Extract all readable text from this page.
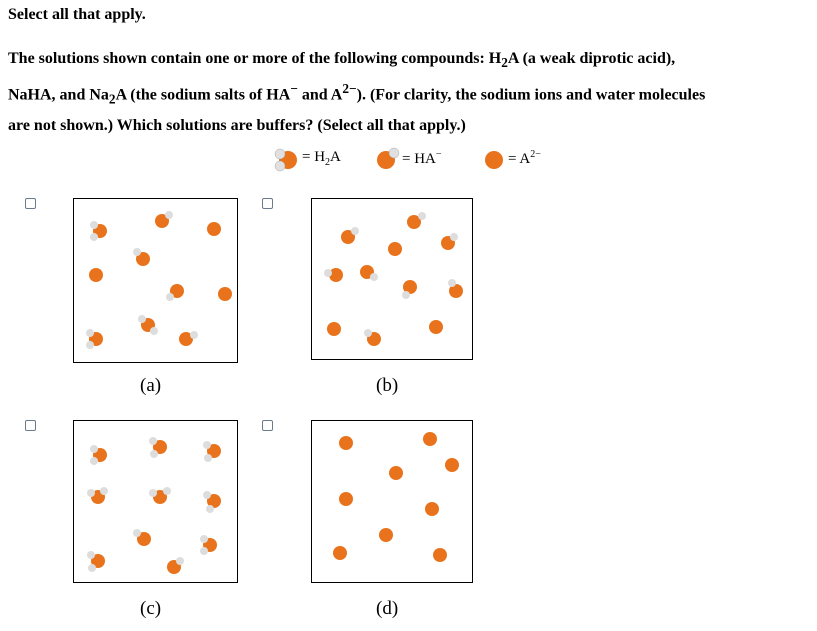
Select all that apply.
The solutions shown contain one or more of the following compounds: $H_2A$ (a weak diprotic acid),
NaHA, and $Na_2A$ (the sodium salts of HA− and $A^{2-}$). (For clarity, the sodium ions and water molecules
are not shown.) Which solutions are buffers? (Select all that apply.)
= $H_2A$	= HA−	= $A^{2-}$
(a)	(b)
(c)	(d)
